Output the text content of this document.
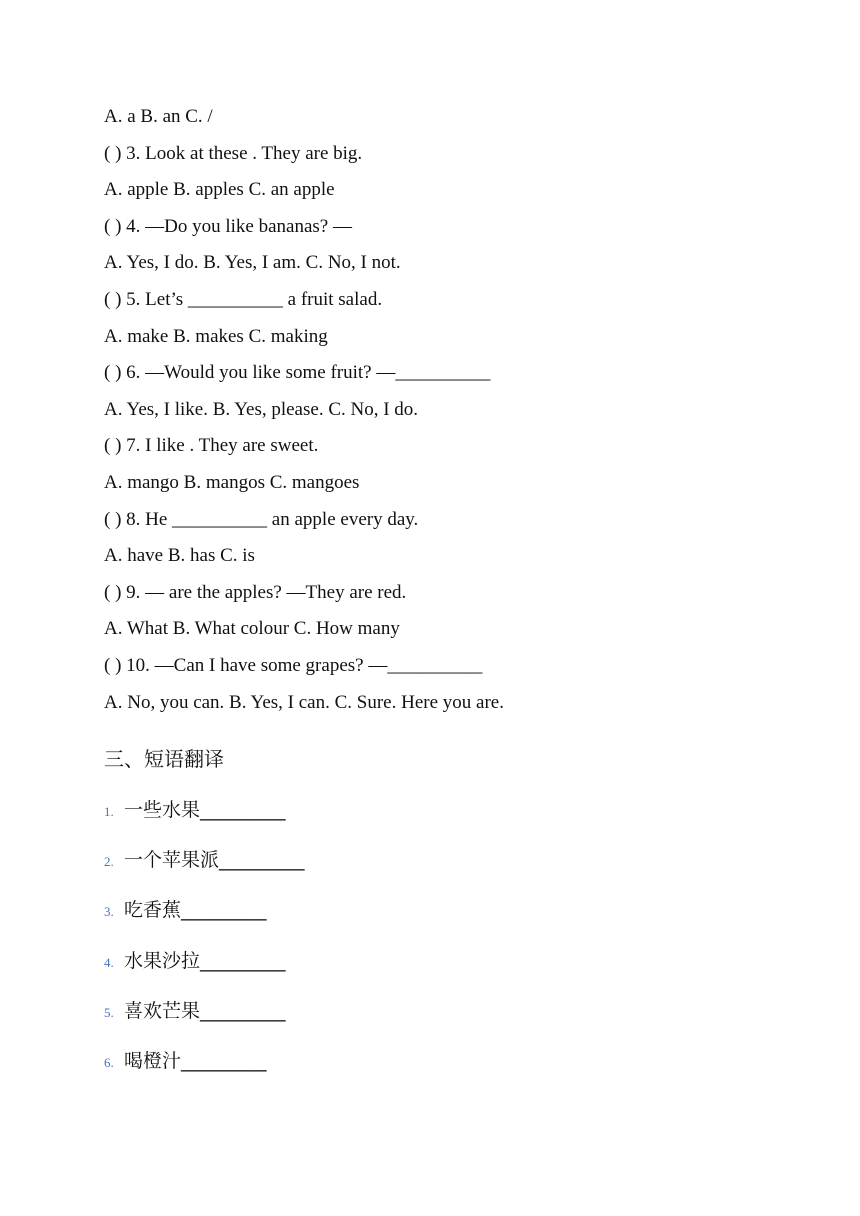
A. a B. an C. /
( ) 3. Look at these . They are big.
A. apple B. apples C. an apple
( ) 4. —Do you like bananas? —
A. Yes, I do. B. Yes, I am. C. No, I not.
( ) 5. Let’s __________ a fruit salad.
A. make B. makes C. making
( ) 6. —Would you like some fruit? —__________
A. Yes, I like. B. Yes, please. C. No, I do.
( ) 7. I like . They are sweet.
A. mango B. mangos C. mangoes
( ) 8. He __________ an apple every day.
A. have B. has C. is
( ) 9. — are the apples? —They are red.
A. What B. What colour C. How many
( ) 10. —Can I have some grapes? —__________
A. No, you can. B. Yes, I can. C. Sure. Here you are.
三、短语翻译
1. 一些水果_________
2. 一个苹果派_________
3. 吃香蕉_________
4. 水果沙拉_________
5. 喜欢芒果_________
6. 喝橙汁_________
